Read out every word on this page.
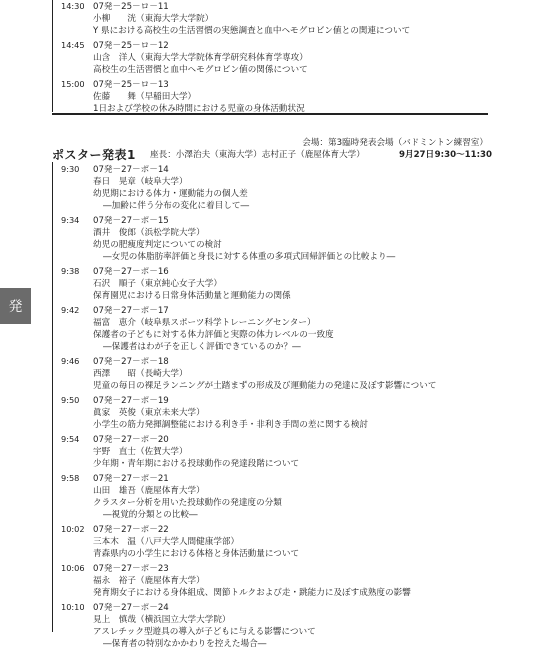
発
14:30 07発－25－ロ－11
小柳　　洸（東海大学大学院）
Y 県における高校生の生活習慣の実態調査と血中ヘモグロビン値との関連について
14:45 07発－25－ロ－12
山含　洋人（東海大学大学院体育学研究科体育学専攻）
高校生の生活習慣と血中ヘモグロビン値の関係について
15:00 07発－25－ロ－13
佐藤　　舞（早稲田大学）
1日および学校の休み時間における児童の身体活動状況
会場：第3臨時発表会場（バドミントン練習室）
ポスター発表1 座長：小澤治夫（東海大学）志村正子（鹿屋体育大学）	9月27日 9:30〜11:30
9:30 07発－27－ポ－14
春日　晃章（岐阜大学）
幼児期における体力・運動能力の個人差
―加齢に伴う分布の変化に着目して―
9:34 07発－27－ポ－15
酒井　俊郎（浜松学院大学）
幼児の肥痩度判定についての検討
―女児の体脂肪率評価と身長に対する体重の多項式回帰評価との比較より―
9:38 07発－27－ポ－16
石沢　順子（東京純心女子大学）
保育園児における日常身体活動量と運動能力の関係
9:42 07発－27－ポ－17
福富　恵介（岐阜県スポーツ科学トレーニングセンター）
保護者の子どもに対する体力評価と実際の体力レベルの一致度
―保護者はわが子を正しく評価できているのか？―
9:46 07発－27－ポ－18
西澤　　昭（長崎大学）
児童の毎日の裸足ランニングが土踏まずの形成及び運動能力の発達に及ぼす影響について
9:50 07発－27－ポ－19
眞家　英俊（東京未来大学）
小学生の筋力発揮調整能における利き手・非利き手間の差に関する検討
9:54 07発－27－ポ－20
宇野　直士（佐賀大学）
少年期・青年期における投球動作の発達段階について
9:58 07発－27－ポ－21
山田　雄吾（鹿屋体育大学）
クラスター分析を用いた投球動作の発達度の分類
―視覚的分類との比較―
10:02 07発－27－ポ－22
三本木　温（八戸大学人間健康学部）
青森県内の小学生における体格と身体活動量について
10:06 07発－27－ポ－23
福永　裕子（鹿屋体育大学）
発育期女子における身体組成、関節トルクおよび走・跳能力に及ぼす成熟度の影響
10:10 07発－27－ポ－24
見上　慎哉（横浜国立大学大学院）
アスレチック型遊具の導入が子どもに与える影響について
―保育者の特別なかかわりを控えた場合―
